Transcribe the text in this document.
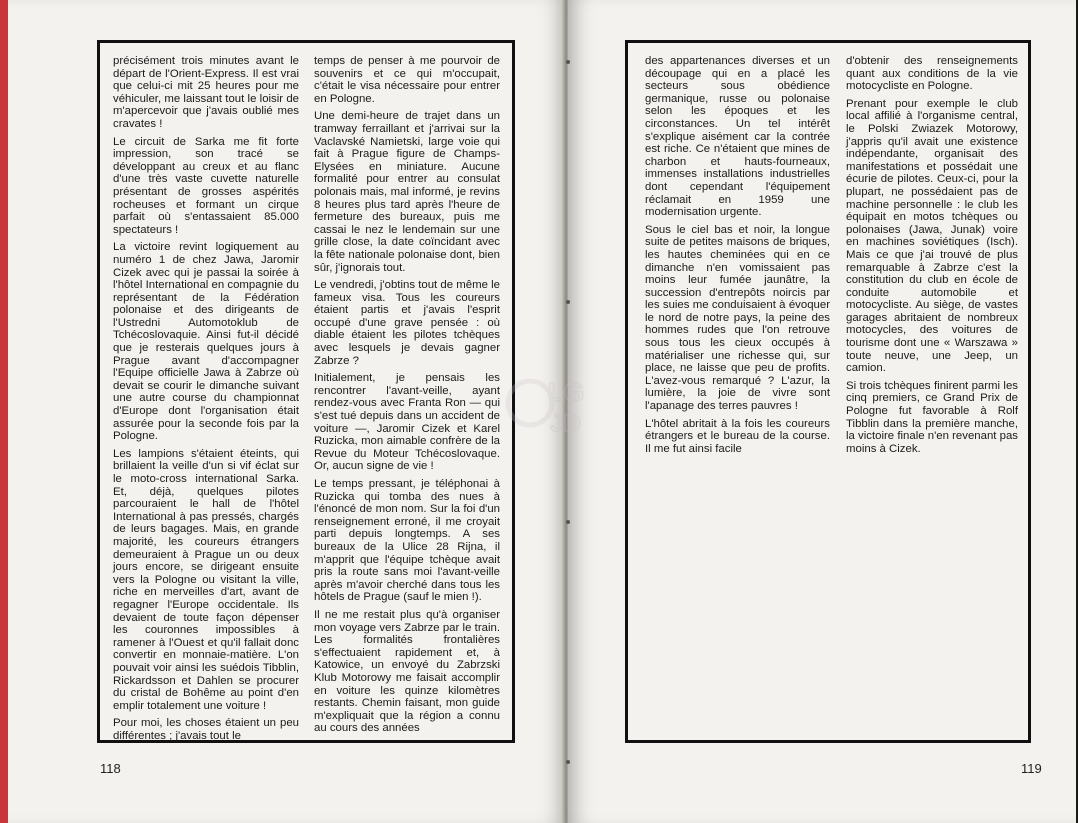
précisément trois minutes avant le départ de l'Orient-Express. Il est vrai que celui-ci mit 25 heures pour me véhiculer, me laissant tout le loisir de m'apercevoir que j'avais oublié mes cravates !

Le circuit de Sarka me fit forte impression, son tracé se développant au creux et au flanc d'une très vaste cuvette naturelle présentant de grosses aspérités rocheuses et formant un cirque parfait où s'entassaient 85.000 spectateurs !

La victoire revint logiquement au numéro 1 de chez Jawa, Jaromir Cizek avec qui je passai la soirée à l'hôtel International en compagnie du représentant de la Fédération polonaise et des dirigeants de l'Ustredni Automotoklub de Tchécoslovaquie. Ainsi fut-il décidé que je resterais quelques jours à Prague avant d'accompagner l'Equipe officielle Jawa à Zabrze où devait se courir le dimanche suivant une autre course du championnat d'Europe dont l'organisation était assurée pour la seconde fois par la Pologne.

Les lampions s'étaient éteints, qui brillaient la veille d'un si vif éclat sur le moto-cross international Sarka. Et, déjà, quelques pilotes parcouraient le hall de l'hôtel International à pas pressés, chargés de leurs bagages. Mais, en grande majorité, les coureurs étrangers demeuraient à Prague un ou deux jours encore, se dirigeant ensuite vers la Pologne ou visitant la ville, riche en merveilles d'art, avant de regagner l'Europe occidentale. Ils devaient de toute façon dépenser les couronnes impossibles à ramener à l'Ouest et qu'il fallait donc convertir en monnaie-matière. L'on pouvait voir ainsi les suédois Tibblin, Rickardsson et Dahlen se procurer du cristal de Bohême au point d'en emplir totalement une voiture !

Pour moi, les choses étaient un peu différentes ; j'avais tout le

temps de penser à me pourvoir de souvenirs et ce qui m'occupait, c'était le visa nécessaire pour entrer en Pologne.

Une demi-heure de trajet dans un tramway ferraillant et j'arrivai sur la Vaclavské Namietski, large voie qui fait à Prague figure de Champs-Elysées en miniature. Aucune formalité pour entrer au consulat polonais mais, mal informé, je revins 8 heures plus tard après l'heure de fermeture des bureaux, puis me cassai le nez le lendemain sur une grille close, la date coïncidant avec la fête nationale polonaise dont, bien sûr, j'ignorais tout.

Le vendredi, j'obtins tout de même le fameux visa. Tous les coureurs étaient partis et j'avais l'esprit occupé d'une grave pensée : où diable étaient les pilotes tchèques avec lesquels je devais gagner Zabrze ?

Initialement, je pensais les rencontrer l'avant-veille, ayant rendez-vous avec Franta Ron — qui s'est tué depuis dans un accident de voiture —, Jaromir Cizek et Karel Ruzicka, mon aimable confrère de la Revue du Moteur Tchécoslovaque. Or, aucun signe de vie !

Le temps pressant, je téléphonai à Ruzicka qui tomba des nues à l'énoncé de mon nom. Sur la foi d'un renseignement erroné, il me croyait parti depuis longtemps. A ses bureaux de la Ulice 28 Rijna, il m'apprit que l'équipe tchèque avait pris la route sans moi l'avant-veille après m'avoir cherché dans tous les hôtels de Prague (sauf le mien !).

Il ne me restait plus qu'à organiser mon voyage vers Zabrze par le train. Les formalités frontalières s'effectuaient rapidement et, à Katowice, un envoyé du Zabrzski Klub Motorowy me faisait accomplir en voiture les quinze kilomètres restants. Chemin faisant, mon guide m'expliquait que la région a connu au cours des années

118

des appartenances diverses et un découpage qui en a placé les secteurs sous obédience germanique, russe ou polonaise selon les époques et les circonstances. Un tel intérêt s'explique aisément car la contrée est riche. Ce n'étaient que mines de charbon et hauts-fourneaux, immenses installations industrielles dont cependant l'équipement réclamait en 1959 une modernisation urgente.

Sous le ciel bas et noir, la longue suite de petites maisons de briques, les hautes cheminées qui en ce dimanche n'en vomissaient pas moins leur fumée jaunâtre, la succession d'entrepôts noircis par les suies me conduisaient à évoquer le nord de notre pays, la peine des hommes rudes que l'on retrouve sous tous les cieux occupés à matérialiser une richesse qui, sur place, ne laisse que peu de profits. L'avez-vous remarqué ? L'azur, la lumière, la joie de vivre sont l'apanage des terres pauvres !

L'hôtel abritait à la fois les coureurs étrangers et le bureau de la course. Il me fut ainsi facile

d'obtenir des renseignements quant aux conditions de la vie motocycliste en Pologne.

Prenant pour exemple le club local affilié à l'organisme central, le Polski Zwiazek Motorowy, j'appris qu'il avait une existence indépendante, organisait des manifestations et possédait une écurie de pilotes. Ceux-ci, pour la plupart, ne possédaient pas de machine personnelle : le club les équipait en motos tchèques ou polonaises (Jawa, Junak) voire en machines soviétiques (Isch). Mais ce que j'ai trouvé de plus remarquable à Zabrze c'est la constitution du club en école de conduite automobile et motocycliste. Au siège, de vastes garages abritaient de nombreux motocycles, des voitures de tourisme dont une « Warszawa » toute neuve, une Jeep, un camion.

Si trois tchèques finirent parmi les cinq premiers, ce Grand Prix de Pologne fut favorable à Rolf Tibblin dans la première manche, la victoire finale n'en revenant pas moins à Cizek.

119
LG
JD
